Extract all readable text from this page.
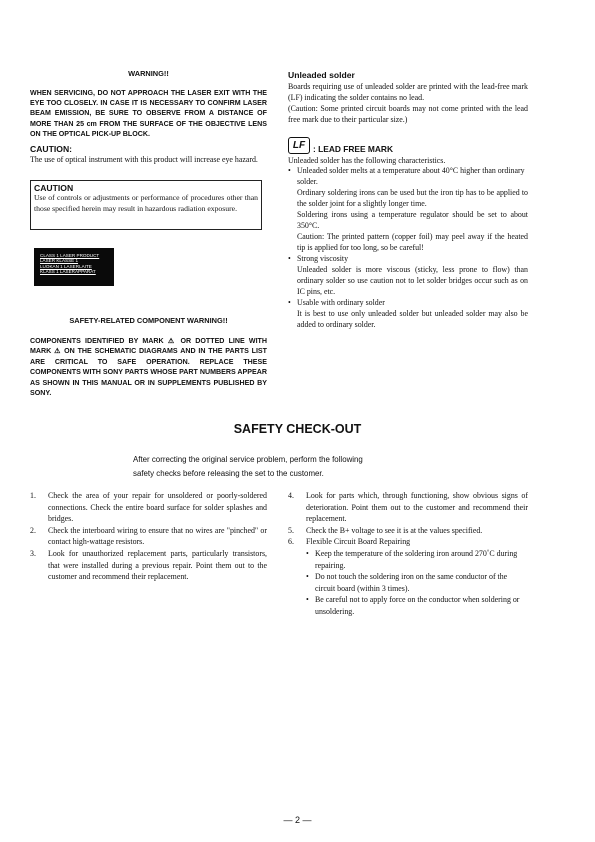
WARNING!!
WHEN SERVICING, DO NOT APPROACH THE LASER EXIT WITH THE EYE TOO CLOSELY. IN CASE IT IS NECESSARY TO CONFIRM LASER BEAM EMISSION, BE SURE TO OBSERVE FROM A DISTANCE OF MORE THAN 25 cm FROM THE SURFACE OF THE OBJECTIVE LENS ON THE OPTICAL PICK-UP BLOCK.
CAUTION:
The use of optical instrument with this product will increase eye hazard.
CAUTION
Use of controls or adjustments or performance of procedures other than those specified herein may result in hazardous radiation exposure.
CLASS 1 LASER PRODUCT
LASER KLASSE 1
LUOKAN 1 LASERLAITE
KLASS 1 LASERAPPARAT
SAFETY-RELATED COMPONENT WARNING!!
COMPONENTS IDENTIFIED BY MARK ⚠ OR DOTTED LINE WITH MARK ⚠ ON THE SCHEMATIC DIAGRAMS AND IN THE PARTS LIST ARE CRITICAL TO SAFE OPERATION. REPLACE THESE COMPONENTS WITH SONY PARTS WHOSE PART NUMBERS APPEAR AS SHOWN IN THIS MANUAL OR IN SUPPLEMENTS PUBLISHED BY SONY.
Unleaded solder
Boards requiring use of unleaded solder are printed with the lead-free mark (LF) indicating the solder contains no lead.
(Caution: Some printed circuit boards may not come printed with the lead free mark due to their particular size.)
LF : LEAD FREE MARK
Unleaded solder has the following characteristics.
• Unleaded solder melts at a temperature about 40°C higher than ordinary solder.
Ordinary soldering irons can be used but the iron tip has to be applied to the solder joint for a slightly longer time.
Soldering irons using a temperature regulator should be set to about 350°C.
Caution: The printed pattern (copper foil) may peel away if the heated tip is applied for too long, so be careful!
• Strong viscosity
Unleaded solder is more viscous (sticky, less prone to flow) than ordinary solder so use caution not to let solder bridges occur such as on IC pins, etc.
• Usable with ordinary solder
It is best to use only unleaded solder but unleaded solder may also be added to ordinary solder.
SAFETY CHECK-OUT
After correcting the original service problem, perform the following
safety checks before releasing the set to the customer.
1. Check the area of your repair for unsoldered or poorly-soldered connections. Check the entire board surface for solder splashes and bridges.
2. Check the interboard wiring to ensure that no wires are "pinched" or contact high-wattage resistors.
3. Look for unauthorized replacement parts, particularly transistors, that were installed during a previous repair. Point them out to the customer and recommend their replacement.
4. Look for parts which, through functioning, show obvious signs of deterioration. Point them out to the customer and recommend their replacement.
5. Check the B+ voltage to see it is at the values specified.
6. Flexible Circuit Board Repairing
• Keep the temperature of the soldering iron around 270˚C during repairing.
• Do not touch the soldering iron on the same conductor of the circuit board (within 3 times).
• Be careful not to apply force on the conductor when soldering or unsoldering.
— 2 —
